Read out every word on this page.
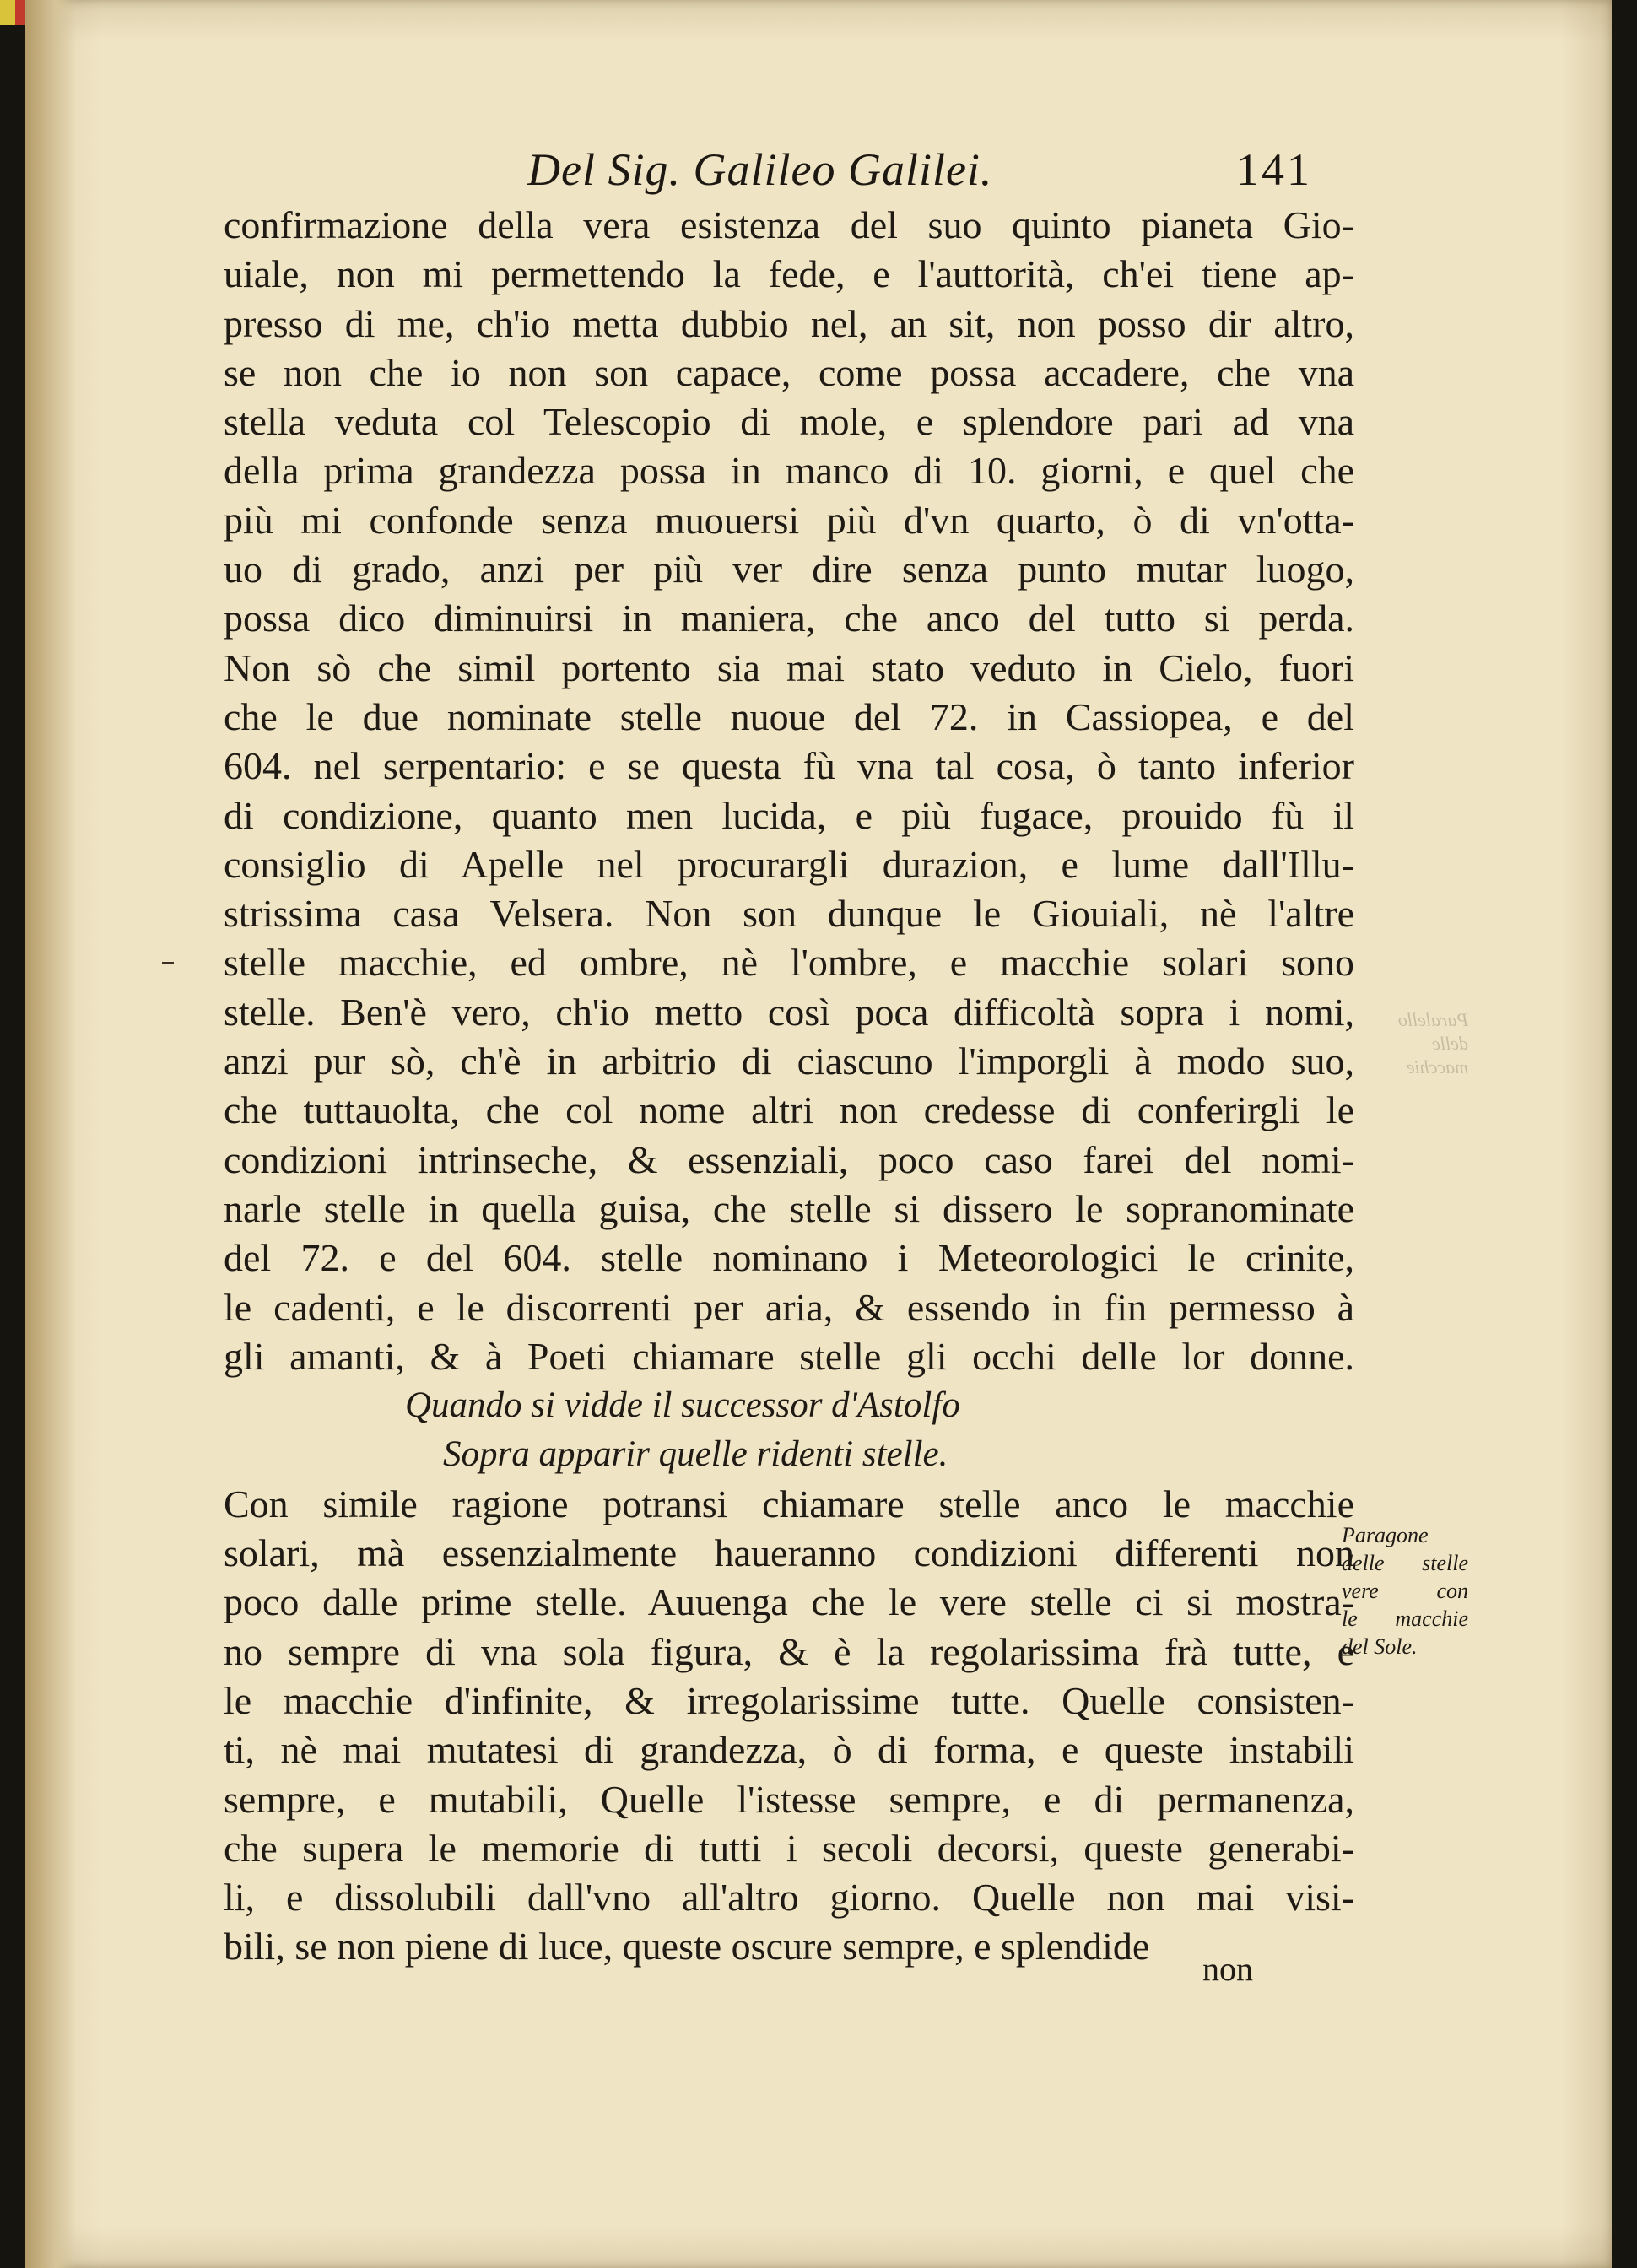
Del Sig. Galileo Galilei.	141
confirmazione della vera esistenza del suo quinto pianeta Gio-
uiale, non mi permettendo la fede, e l'auttorità, ch'ei tiene ap-
presso di me, ch'io metta dubbio nel, an sit, non posso dir altro,
se non che io non son capace, come possa accadere, che vna
stella veduta col Telescopio di mole, e splendore pari ad vna
della prima grandezza possa in manco di 10. giorni, e quel che
più mi confonde senza muouersi più d'vn quarto, ò di vn'otta-
uo di grado, anzi per più ver dire senza punto mutar luogo,
possa dico diminuirsi in maniera, che anco del tutto si perda.
Non sò che simil portento sia mai stato veduto in Cielo, fuori
che le due nominate stelle nuoue del 72. in Cassiopea, e del
604. nel serpentario: e se questa fù vna tal cosa, ò tanto inferior
di condizione, quanto men lucida, e più fugace, prouido fù il
consiglio di Apelle nel procurargli durazion, e lume dall'Illu-
strissima casa Velsera. Non son dunque le Giouiali, nè l'altre
stelle macchie, ed ombre, nè l'ombre, e macchie solari sono
stelle. Ben'è vero, ch'io metto così poca difficoltà sopra i nomi,
anzi pur sò, ch'è in arbitrio di ciascuno l'imporgli à modo suo,
che tuttauolta, che col nome altri non credesse di conferirgli le
condizioni intrinseche, & essenziali, poco caso farei del nomi-
narle stelle in quella guisa, che stelle si dissero le sopranominate
del 72. e del 604. stelle nominano i Meteorologici le crinite,
le cadenti, e le discorrenti per aria, & essendo in fin permesso à
gli amanti, & à Poeti chiamare stelle gli occhi delle lor donne.
Quando si vidde il successor d'Astolfo
Sopra apparir quelle ridenti stelle.
Con simile ragione potransi chiamare stelle anco le macchie
solari, mà essenzialmente haueranno condizioni differenti non
poco dalle prime stelle. Auuenga che le vere stelle ci si mostra-
no sempre di vna sola figura, & è la regolarissima frà tutte, e
le macchie d'infinite, & irregolarissime tutte. Quelle consisten-
ti, nè mai mutatesi di grandezza, ò di forma, e queste instabili
sempre, e mutabili, Quelle l'istesse sempre, e di permanenza,
che supera le memorie di tutti i secoli decorsi, queste generabi-
li, e dissolubili dall'vno all'altro giorno. Quelle non mai visi-
bili, se non piene di luce, queste oscure sempre, e splendide
non
Paragone
delle stelle
vere con
le macchie
del Sole.
Paralello
delle
macchie
